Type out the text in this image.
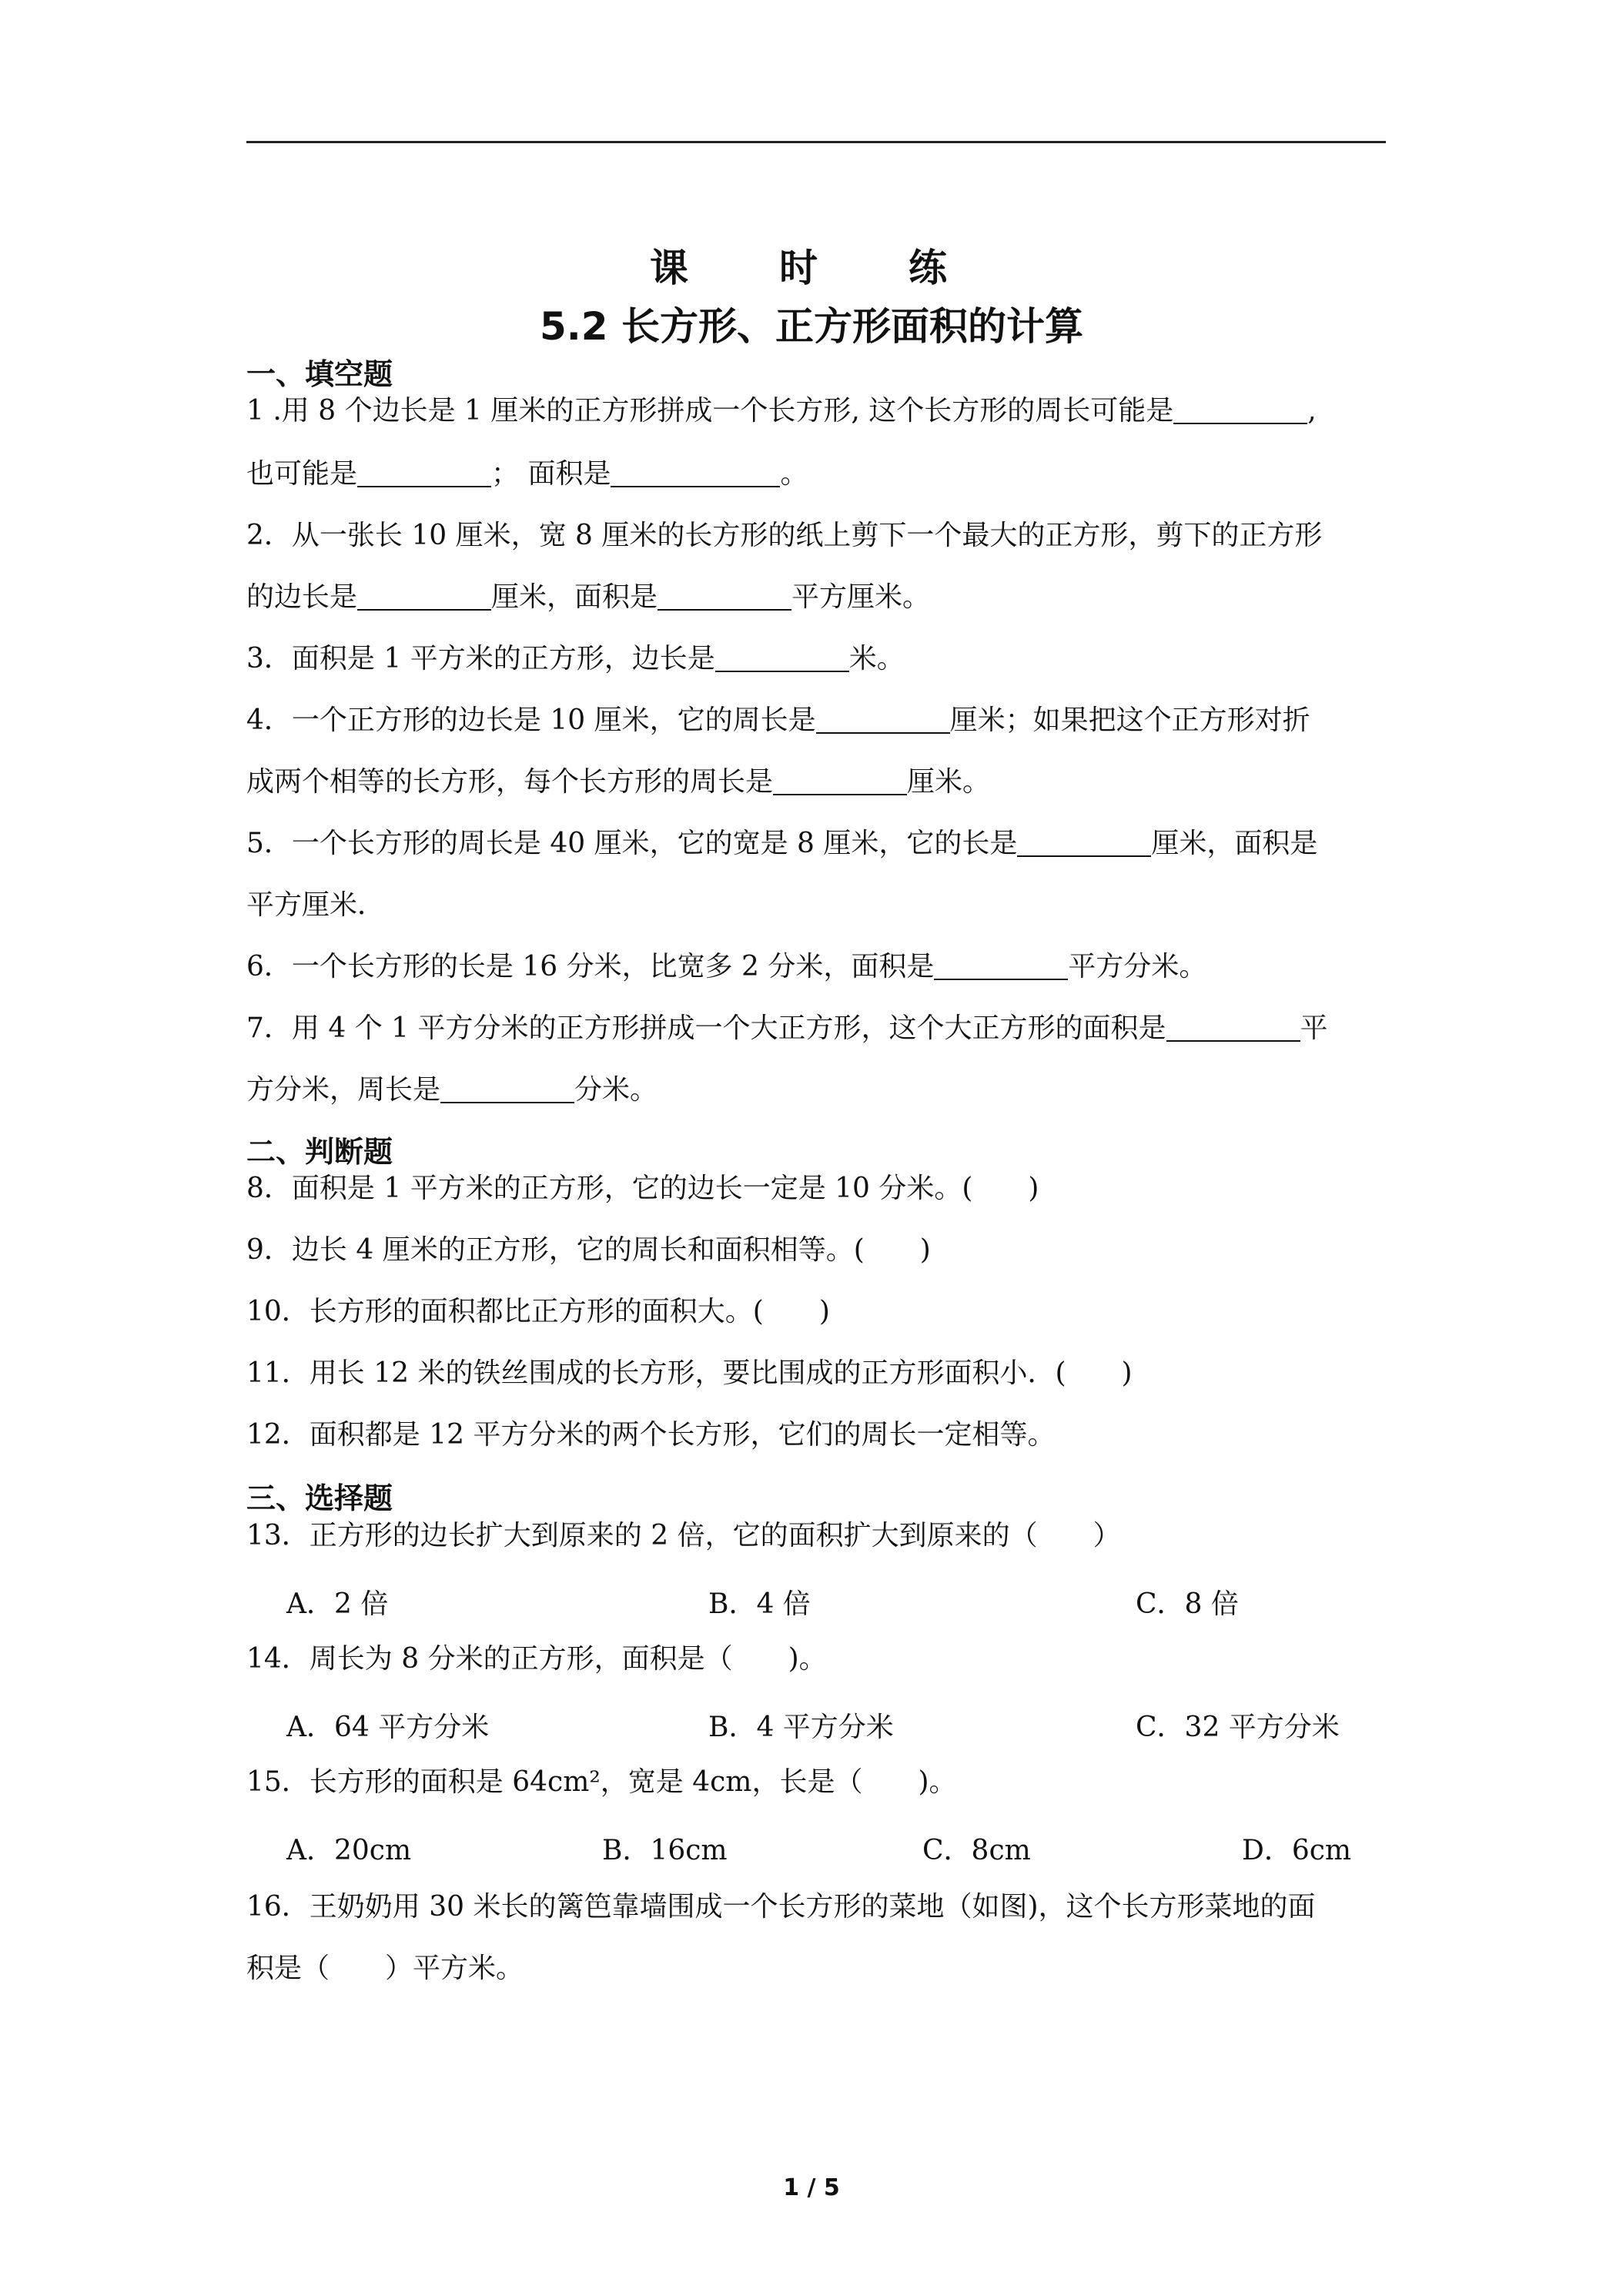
课　时　练
5.2 长方形、正方形面积的计算
一、填空题
1 .用 8 个边长是 1 厘米的正方形拼成一个长方形, 这个长方形的周长可能是	,
也可能是	； 面积是	。
2．从一张长 10 厘米，宽 8 厘米的长方形的纸上剪下一个最大的正方形，剪下的正方形
的边长是	厘米，面积是	平方厘米。
3．面积是 1 平方米的正方形，边长是	米。
4．一个正方形的边长是 10 厘米，它的周长是	厘米；如果把这个正方形对折
成两个相等的长方形，每个长方形的周长是	厘米。
5．一个长方形的周长是 40 厘米，它的宽是 8 厘米，它的长是	厘米，面积是
平方厘米．
6．一个长方形的长是 16 分米，比宽多 2 分米，面积是	平方分米。
7．用 4 个 1 平方分米的正方形拼成一个大正方形，这个大正方形的面积是	平
方分米，周长是	分米。
二、判断题
8．面积是 1 平方米的正方形，它的边长一定是 10 分米。(　　)
9．边长 4 厘米的正方形，它的周长和面积相等。(　　)
10．长方形的面积都比正方形的面积大。(　　)
11．用长 12 米的铁丝围成的长方形，要比围成的正方形面积小．(　　)
12．面积都是 12 平方分米的两个长方形，它们的周长一定相等。
三、选择题
13．正方形的边长扩大到原来的 2 倍，它的面积扩大到原来的（　　）
A．2 倍	B．4 倍	C．8 倍
14．周长为 8 分米的正方形，面积是（　　)。
A．64 平方分米	B．4 平方分米	C．32 平方分米
15．长方形的面积是 64cm²，宽是 4cm，长是（　　)。
A．20cm	B．16cm	C．8cm	D．6cm
16．王奶奶用 30 米长的篱笆靠墙围成一个长方形的菜地（如图)，这个长方形菜地的面
积是（　　）平方米。
1 / 5
